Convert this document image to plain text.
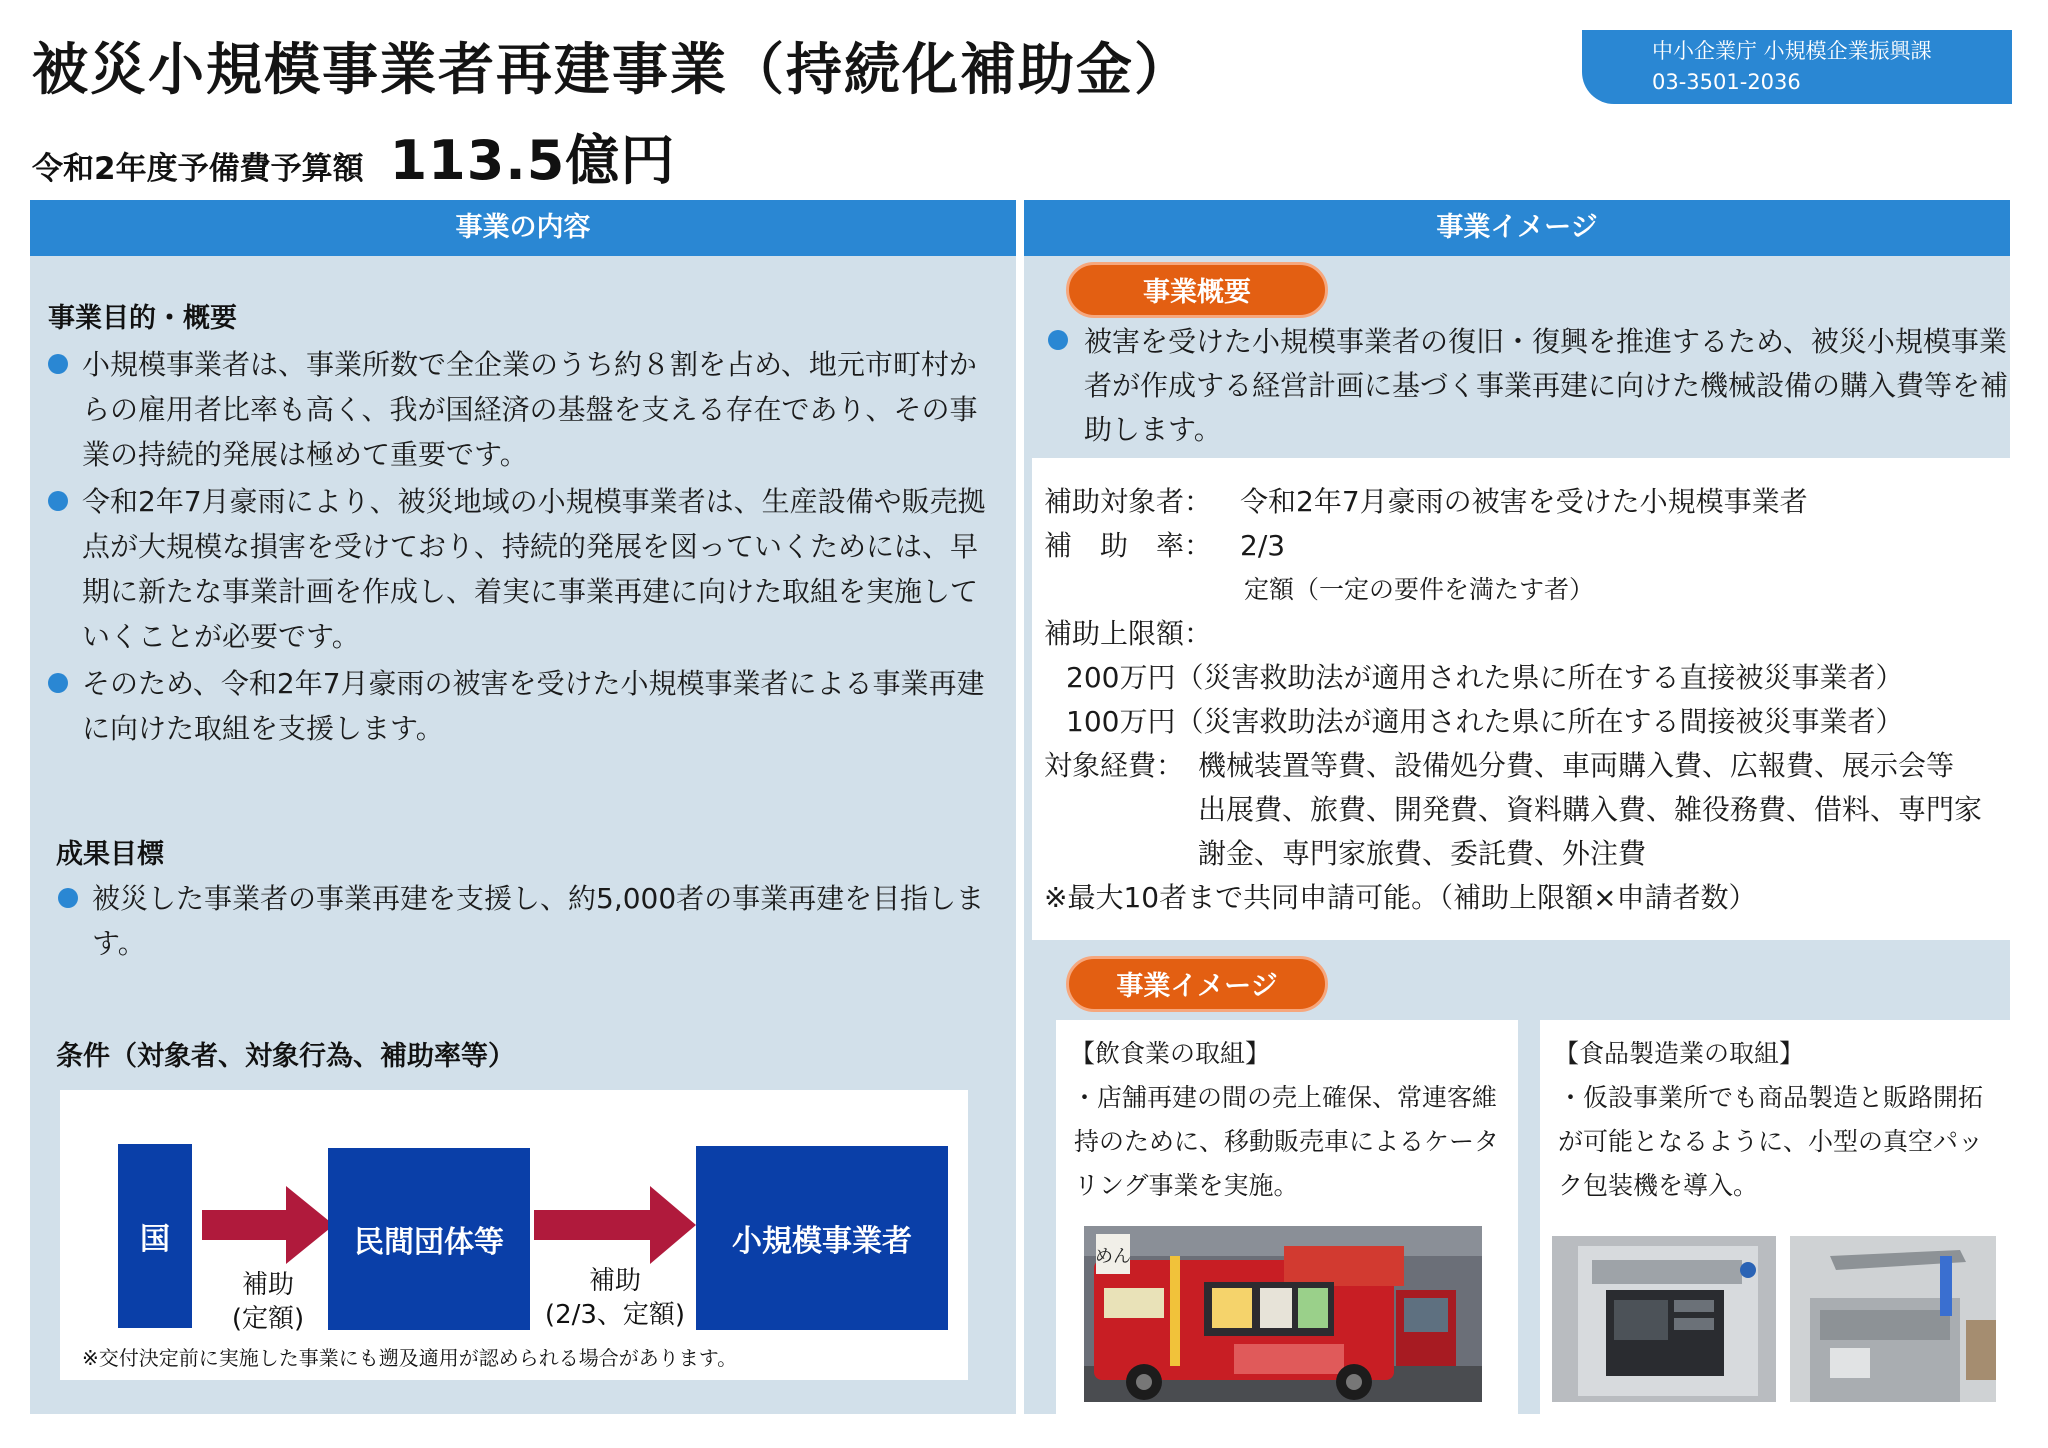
被災小規模事業者再建事業（持続化補助金）
令和2年度予備費予算額 113.5億円
中小企業庁 小規模企業振興課
03-3501-2036
事業の内容
事業目的・概要
小規模事業者は、事業所数で全企業のうち約８割を占め、地元市町村からの雇用者比率も高く、我が国経済の基盤を支える存在であり、その事業の持続的発展は極めて重要です。
令和2年7月豪雨により、被災地域の小規模事業者は、生産設備や販売拠点が大規模な損害を受けており、持続的発展を図っていくためには、早期に新たな事業計画を作成し、着実に事業再建に向けた取組を実施していくことが必要です。
そのため、令和2年7月豪雨の被害を受けた小規模事業者による事業再建に向けた取組を支援します。
成果目標
被災した事業者の事業再建を支援し、約5,000者の事業再建を目指します。
条件（対象者、対象行為、補助率等）
国
補助
(定額)
民間団体等
補助
(2/3、定額)
小規模事業者
※交付決定前に実施した事業にも遡及適用が認められる場合があります。
事業イメージ
事業概要
被害を受けた小規模事業者の復旧・復興を推進するため、被災小規模事業者が作成する経営計画に基づく事業再建に向けた機械設備の購入費等を補助します。
補助対象者： 令和2年7月豪雨の被害を受けた小規模事業者
補　助　率： 2/3
定額（一定の要件を満たす者）
補助上限額：
200万円（災害救助法が適用された県に所在する直接被災事業者）
100万円（災害救助法が適用された県に所在する間接被災事業者）
対象経費： 機械装置等費、設備処分費、車両購入費、広報費、展示会等
出展費、旅費、開発費、資料購入費、雑役務費、借料、専門家
謝金、専門家旅費、委託費、外注費
※最大10者まで共同申請可能。（補助上限額×申請者数）
事業イメージ
【飲食業の取組】
・店舗再建の間の売上確保、常連客維持のために、移動販売車によるケータリング事業を実施。
めん
【食品製造業の取組】
・仮設事業所でも商品製造と販路開拓が可能となるように、小型の真空パック包装機を導入。
